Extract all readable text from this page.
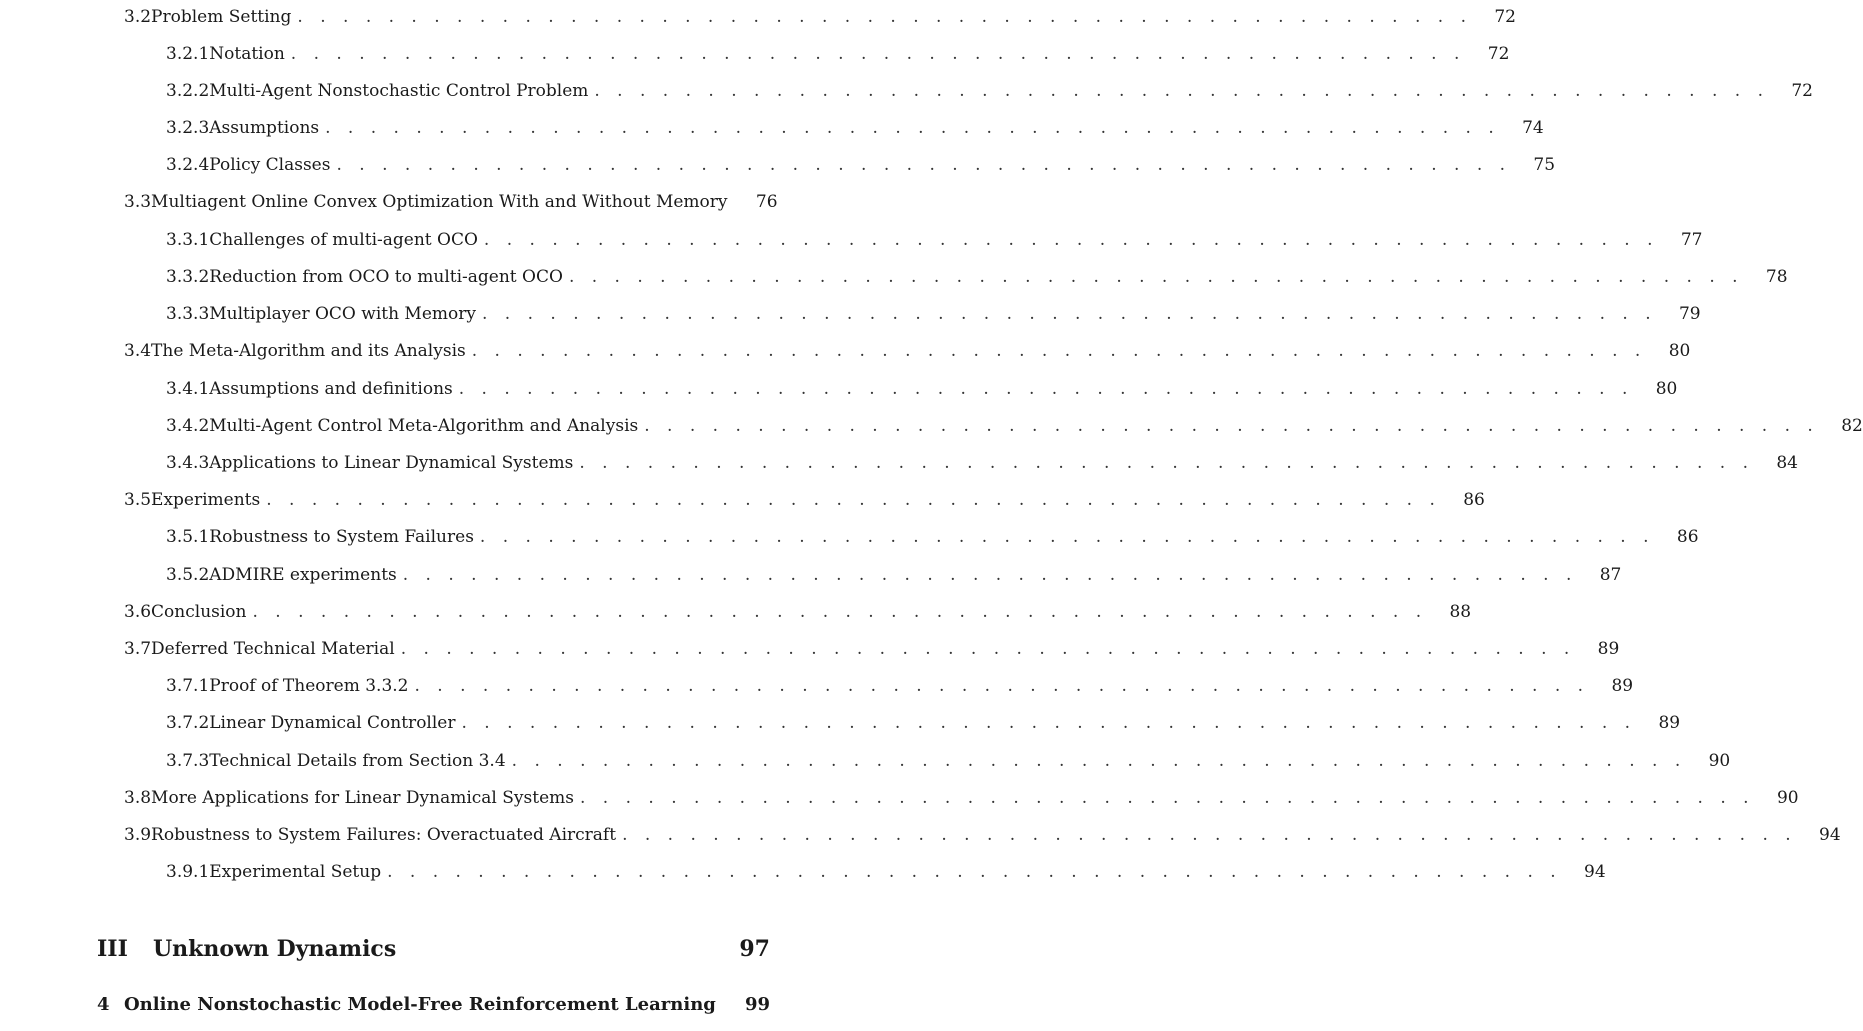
3.2 Problem Setting . . . . . . . . . . . . . . . . . . . . . . . . . . . . . . . . . . . . . . . . . . . . . . . . . . . .	72
3.2.1 Notation . . . . . . . . . . . . . . . . . . . . . . . . . . . . . . . . . . . . . . . . . . . . . . . . . . . .	72
3.2.2 Multi-Agent Nonstochastic Control Problem . . . . . . . . . . . . . . . . . . . . . . . . . . . . . . . . . . . . . . . . . . . . . . . . . . . .	72
3.2.3 Assumptions . . . . . . . . . . . . . . . . . . . . . . . . . . . . . . . . . . . . . . . . . . . . . . . . . . . .	74
3.2.4 Policy Classes . . . . . . . . . . . . . . . . . . . . . . . . . . . . . . . . . . . . . . . . . . . . . . . . . . . .	75
3.3 Multiagent Online Convex Optimization With and Without Memory	76
3.3.1 Challenges of multi-agent OCO . . . . . . . . . . . . . . . . . . . . . . . . . . . . . . . . . . . . . . . . . . . . . . . . . . . .	77
3.3.2 Reduction from OCO to multi-agent OCO . . . . . . . . . . . . . . . . . . . . . . . . . . . . . . . . . . . . . . . . . . . . . . . . . . . .	78
3.3.3 Multiplayer OCO with Memory . . . . . . . . . . . . . . . . . . . . . . . . . . . . . . . . . . . . . . . . . . . . . . . . . . . .	79
3.4 The Meta-Algorithm and its Analysis . . . . . . . . . . . . . . . . . . . . . . . . . . . . . . . . . . . . . . . . . . . . . . . . . . . .	80
3.4.1 Assumptions and definitions . . . . . . . . . . . . . . . . . . . . . . . . . . . . . . . . . . . . . . . . . . . . . . . . . . . .	80
3.4.2 Multi-Agent Control Meta-Algorithm and Analysis . . . . . . . . . . . . . . . . . . . . . . . . . . . . . . . . . . . . . . . . . . . . . . . . . . . .	82
3.4.3 Applications to Linear Dynamical Systems . . . . . . . . . . . . . . . . . . . . . . . . . . . . . . . . . . . . . . . . . . . . . . . . . . . .	84
3.5 Experiments . . . . . . . . . . . . . . . . . . . . . . . . . . . . . . . . . . . . . . . . . . . . . . . . . . . .	86
3.5.1 Robustness to System Failures . . . . . . . . . . . . . . . . . . . . . . . . . . . . . . . . . . . . . . . . . . . . . . . . . . . .	86
3.5.2 ADMIRE experiments . . . . . . . . . . . . . . . . . . . . . . . . . . . . . . . . . . . . . . . . . . . . . . . . . . . .	87
3.6 Conclusion . . . . . . . . . . . . . . . . . . . . . . . . . . . . . . . . . . . . . . . . . . . . . . . . . . . .	88
3.7 Deferred Technical Material . . . . . . . . . . . . . . . . . . . . . . . . . . . . . . . . . . . . . . . . . . . . . . . . . . . .	89
3.7.1 Proof of Theorem 3.3.2 . . . . . . . . . . . . . . . . . . . . . . . . . . . . . . . . . . . . . . . . . . . . . . . . . . . .	89
3.7.2 Linear Dynamical Controller . . . . . . . . . . . . . . . . . . . . . . . . . . . . . . . . . . . . . . . . . . . . . . . . . . . .	89
3.7.3 Technical Details from Section 3.4 . . . . . . . . . . . . . . . . . . . . . . . . . . . . . . . . . . . . . . . . . . . . . . . . . . . .	90
3.8 More Applications for Linear Dynamical Systems . . . . . . . . . . . . . . . . . . . . . . . . . . . . . . . . . . . . . . . . . . . . . . . . . . . .	90
3.9 Robustness to System Failures: Overactuated Aircraft . . . . . . . . . . . . . . . . . . . . . . . . . . . . . . . . . . . . . . . . . . . . . . . . . . . .	94
3.9.1 Experimental Setup . . . . . . . . . . . . . . . . . . . . . . . . . . . . . . . . . . . . . . . . . . . . . . . . . . . .	94
III	Unknown Dynamics	97
4 Online Nonstochastic Model-Free Reinforcement Learning 99
